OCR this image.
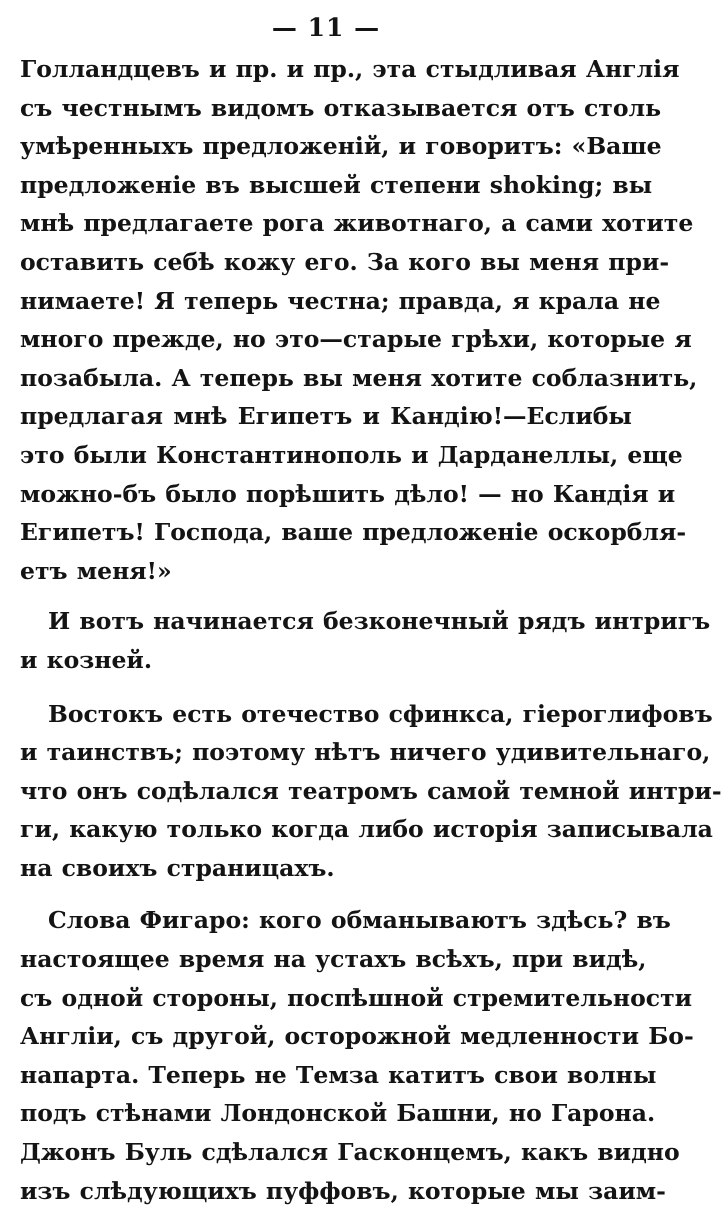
— 11 —
Голландцевъ и пр. и пр., эта стыдливая Англія
съ честнымъ видомъ отказывается отъ столь
умѣренныхъ предложеній, и говоритъ: «Ваше
предложеніе въ высшей степени shoking; вы
мнѣ предлагаете рога животнаго, а сами хотите
оставить себѣ кожу его. За кого вы меня при-
нимаете! Я теперь честна; правда, я крала не
много прежде, но это—старые грѣхи, которые я
позабыла. А теперь вы меня хотите соблазнить,
предлагая мнѣ Египетъ и Кандію!—Еслибы
это были Константинополь и Дарданеллы, еще
можно-бъ было порѣшить дѣло! — но Кандія и
Египетъ! Господа, ваше предложеніе оскорбля-
етъ меня!»
И вотъ начинается безконечный рядъ интригъ
и козней.
Востокъ есть отечество сфинкса, гіероглифовъ
и таинствъ; поэтому нѣтъ ничего удивительнаго,
что онъ содѣлался театромъ самой темной интри-
ги, какую только когда либо исторія записывала
на своихъ страницахъ.
Слова Фигаро: кого обманываютъ здѣсь? въ
настоящее время на устахъ всѣхъ, при видѣ,
съ одной стороны, поспѣшной стремительности
Англіи, съ другой, осторожной медленности Бо-
напарта. Теперь не Темза катитъ свои волны
подъ стѣнами Лондонской Башни, но Гарона.
Джонъ Буль сдѣлался Гасконцемъ, какъ видно
изъ слѣдующихъ пуффовъ, которые мы заим-
